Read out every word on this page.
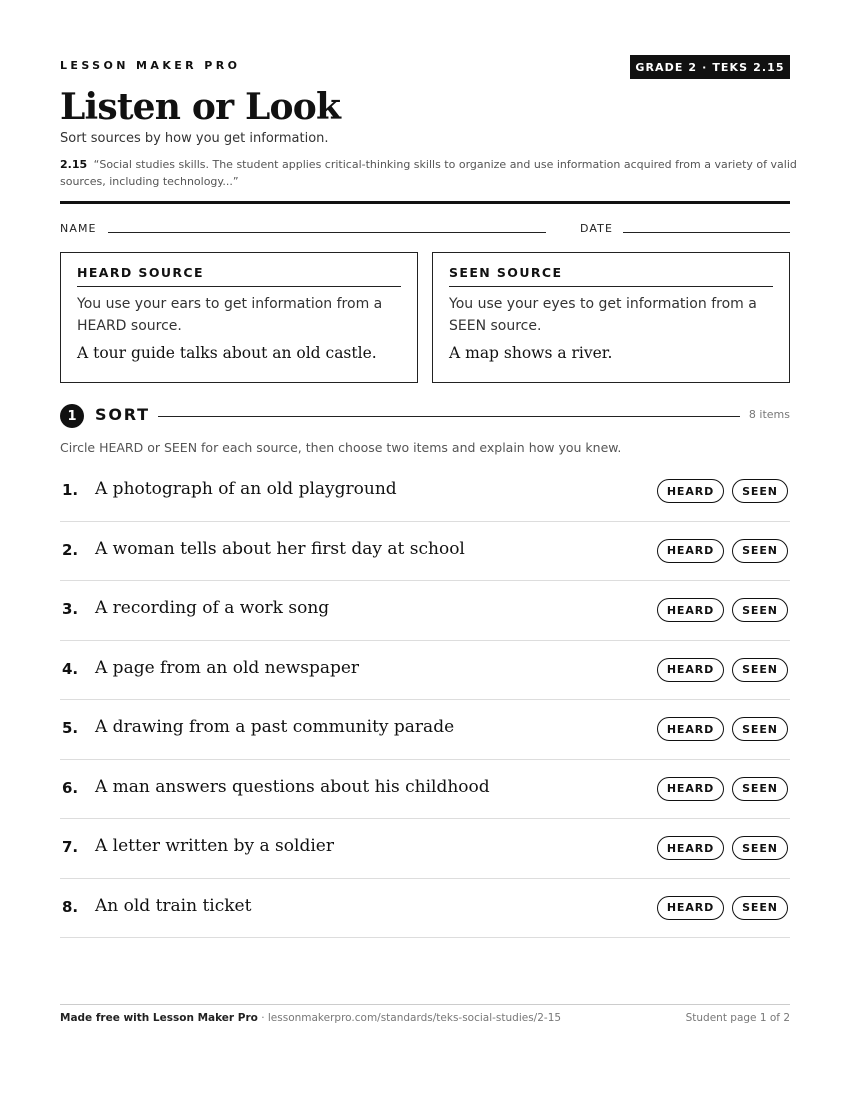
LESSON MAKER PRO	GRADE 2 · TEKS 2.15
Listen or Look
Sort sources by how you get information.
2.15 “Social studies skills. The student applies critical-thinking skills to organize and use information acquired from a variety of valid sources, including technology...”
NAME	DATE
HEARD SOURCE
You use your ears to get information from a HEARD source.
A tour guide talks about an old castle.
SEEN SOURCE
You use your eyes to get information from a SEEN source.
A map shows a river.
1	SORT	8 items
Circle HEARD or SEEN for each source, then choose two items and explain how you knew.
1. A photograph of an old playground	HEARD	SEEN
2. A woman tells about her first day at school	HEARD	SEEN
3. A recording of a work song	HEARD	SEEN
4. A page from an old newspaper	HEARD	SEEN
5. A drawing from a past community parade	HEARD	SEEN
6. A man answers questions about his childhood	HEARD	SEEN
7. A letter written by a soldier	HEARD	SEEN
8. An old train ticket	HEARD	SEEN
Made free with Lesson Maker Pro · lessonmakerpro.com/standards/teks-social-studies/2-15	Student page 1 of 2
